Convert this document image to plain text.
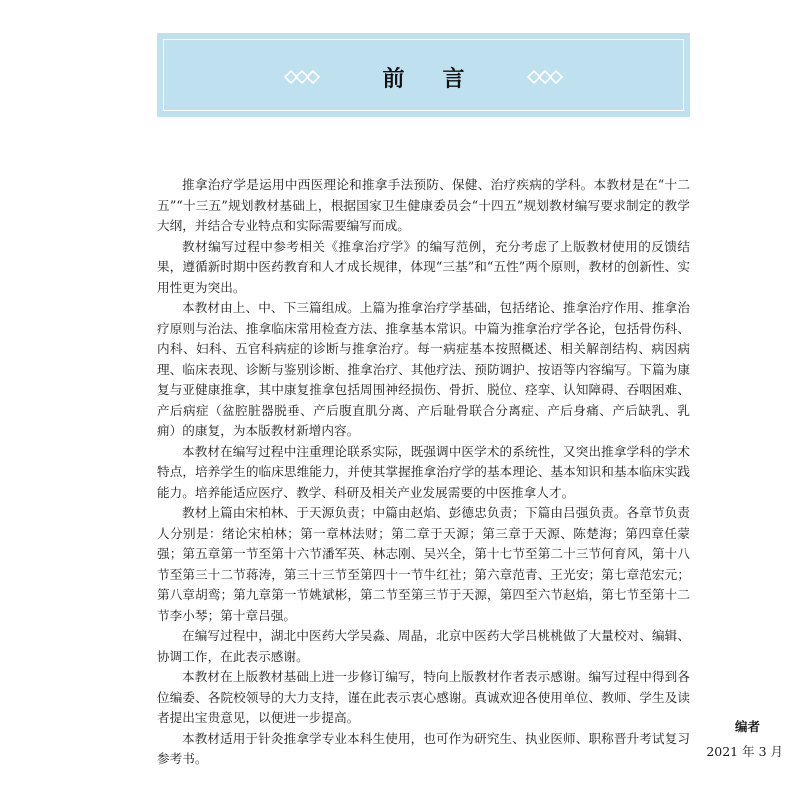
前言

推拿治疗学是运用中西医理论和推拿手法预防、保健、治疗疾病的学科。本教材是在“十二五”“十三五”规划教材基础上，根据国家卫生健康委员会“十四五”规划教材编写要求制定的教学大纲，并结合专业特点和实际需要编写而成。

教材编写过程中参考相关《推拿治疗学》的编写范例，充分考虑了上版教材使用的反馈结果，遵循新时期中医药教育和人才成长规律，体现“三基”和“五性”两个原则，教材的创新性、实用性更为突出。

本教材由上、中、下三篇组成。上篇为推拿治疗学基础，包括绪论、推拿治疗作用、推拿治疗原则与治法、推拿临床常用检查方法、推拿基本常识。中篇为推拿治疗学各论，包括骨伤科、内科、妇科、五官科病症的诊断与推拿治疗。每一病症基本按照概述、相关解剖结构、病因病理、临床表现、诊断与鉴别诊断、推拿治疗、其他疗法、预防调护、按语等内容编写。下篇为康复与亚健康推拿，其中康复推拿包括周围神经损伤、骨折、脱位、痉挛、认知障碍、吞咽困难、产后病症（盆腔脏器脱垂、产后腹直肌分离、产后耻骨联合分离症、产后身痛、产后缺乳、乳痈）的康复，为本版教材新增内容。

本教材在编写过程中注重理论联系实际，既强调中医学术的系统性，又突出推拿学科的学术特点，培养学生的临床思维能力，并使其掌握推拿治疗学的基本理论、基本知识和基本临床实践能力。培养能适应医疗、教学、科研及相关产业发展需要的中医推拿人才。

教材上篇由宋柏林、于天源负责；中篇由赵焰、彭德忠负责；下篇由吕强负责。各章节负责人分别是：绪论宋柏林；第一章林法财；第二章于天源；第三章于天源、陈楚海；第四章任蒙强；第五章第一节至第十六节潘军英、林志刚、吴兴全，第十七节至第二十三节何育风，第十八节至第三十二节蒋涛，第三十三节至第四十一节牛红社；第六章范青、王光安；第七章范宏元；第八章胡鸾；第九章第一节姚斌彬，第二节至第三节于天源，第四至六节赵焰，第七节至第十二节李小琴；第十章吕强。

在编写过程中，湖北中医药大学吴淼、周晶，北京中医药大学吕桃桃做了大量校对、编辑、协调工作，在此表示感谢。

本教材在上版教材基础上进一步修订编写，特向上版教材作者表示感谢。编写过程中得到各位编委、各院校领导的大力支持，谨在此表示衷心感谢。真诚欢迎各使用单位、教师、学生及读者提出宝贵意见，以便进一步提高。

本教材适用于针灸推拿学专业本科生使用，也可作为研究生、执业医师、职称晋升考试复习参考书。

编者
2021 年 3 月
